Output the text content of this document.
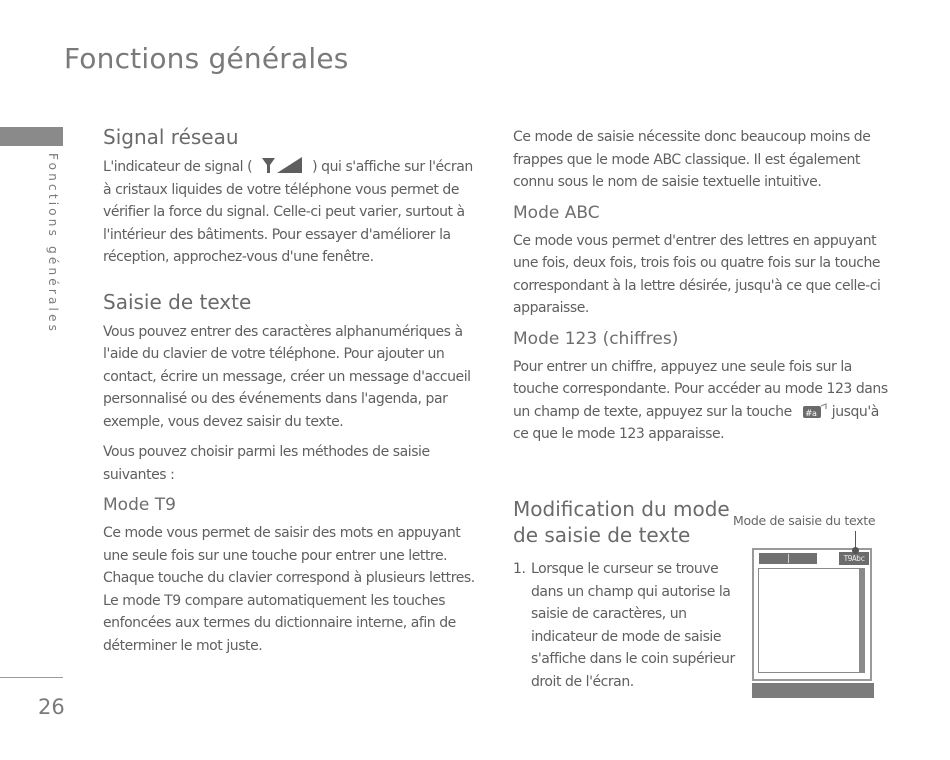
Fonctions générales
Fonctions générales
26
Signal réseau

L'indicateur de signal (	) qui s'affiche sur l'écran à cristaux liquides de votre téléphone vous permet de vérifier la force du signal. Celle-ci peut varier, surtout à l'intérieur des bâtiments. Pour essayer d'améliorer la réception, approchez-vous d'une fenêtre.

Saisie de texte

Vous pouvez entrer des caractères alphanumériques à l'aide du clavier de votre téléphone. Pour ajouter un contact, écrire un message, créer un message d'accueil personnalisé ou des événements dans l'agenda, par exemple, vous devez saisir du texte.

Vous pouvez choisir parmi les méthodes de saisie suivantes :

Mode T9

Ce mode vous permet de saisir des mots en appuyant une seule fois sur une touche pour entrer une lettre. Chaque touche du clavier correspond à plusieurs lettres. Le mode T9 compare automatiquement les touches enfoncées aux termes du dictionnaire interne, afin de déterminer le mot juste.

Ce mode de saisie nécessite donc beaucoup moins de frappes que le mode ABC classique. Il est également connu sous le nom de saisie textuelle intuitive.

Mode ABC

Ce mode vous permet d'entrer des lettres en appuyant une fois, deux fois, trois fois ou quatre fois sur la touche correspondant à la lettre désirée, jusqu'à ce que celle-ci apparaisse.

Mode 123 (chiffres)

Pour entrer un chiffre, appuyez une seule fois sur la touche correspondante. Pour accéder au mode 123 dans un champ de texte, appuyez sur la touche # a jusqu'à ce que le mode 123 apparaisse.

Modification du mode de saisie de texte
1. Lorsque le curseur se trouve dans un champ qui autorise la saisie de caractères, un indicateur de mode de saisie s'affiche dans le coin supérieur droit de l'écran.
Mode de saisie du texte
T9Abc
